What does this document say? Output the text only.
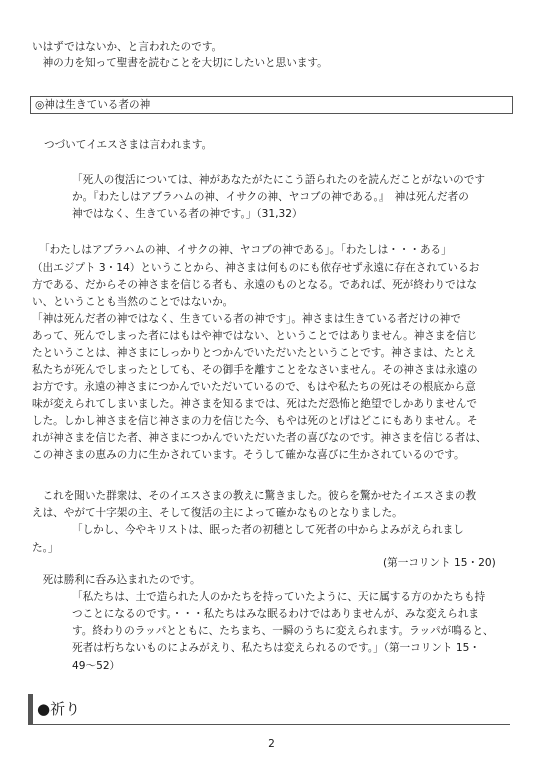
いはずではないか、と言われたのです。
　神の力を知って聖書を読むことを大切にしたいと思います。
◎神は生きている者の神
つづいてイエスさまは言われます。
「死人の復活については、神があなたがたにこう語られたのを読んだことがないのです
か。『わたしはアブラハムの神、イサクの神、ヤコブの神である。』　神は死んだ者の
神ではなく、生きている者の神です。」（31,32）
「わたしはアブラハムの神、イサクの神、ヤコブの神である」。「わたしは・・・ある」
（出エジプト 3・14）ということから、神さまは何ものにも依存せず永遠に存在されているお
方である、だからその神さまを信じる者も、永遠のものとなる。であれば、死が終わりではな
い、ということも当然のことではないか。
「神は死んだ者の神ではなく、生きている者の神です」。神さまは生きている者だけの神で
あって、死んでしまった者にはもはや神ではない、ということではありません。神さまを信じ
たということは、神さまにしっかりとつかんでいただいたということです。神さまは、たとえ
私たちが死んでしまったとしても、その御手を離すことをなさいません。その神さまは永遠の
お方です。永遠の神さまにつかんでいただいているので、もはや私たちの死はその根底から意
味が変えられてしまいました。神さまを知るまでは、死はただ恐怖と絶望でしかありませんで
した。しかし神さまを信じ神さまの力を信じた今、もやは死のとげはどこにもありません。そ
れが神さまを信じた者、神さまにつかんでいただいた者の喜びなのです。神さまを信じる者は、
この神さまの恵みの力に生かされています。そうして確かな喜びに生かされているのです。
　これを聞いた群衆は、そのイエスさまの教えに驚きました。彼らを驚かせたイエスさまの教
えは、やがて十字架の主、そして復活の主によって確かなものとなりました。
「しかし、今やキリストは、眠った者の初穂として死者の中からよみがえられまし
た。」
(第一コリント 15・20)
　死は勝利に呑み込まれたのです。
「私たちは、土で造られた人のかたちを持っていたように、天に属する方のかたちも持
つことになるのです。・・・私たちはみな眠るわけではありませんが、みな変えられま
す。終わりのラッパとともに、たちまち、一瞬のうちに変えられます。ラッパが鳴ると、
死者は朽ちないものによみがえり、私たちは変えられるのです。」（第一コリント 15・
49～52）
●祈り
2
